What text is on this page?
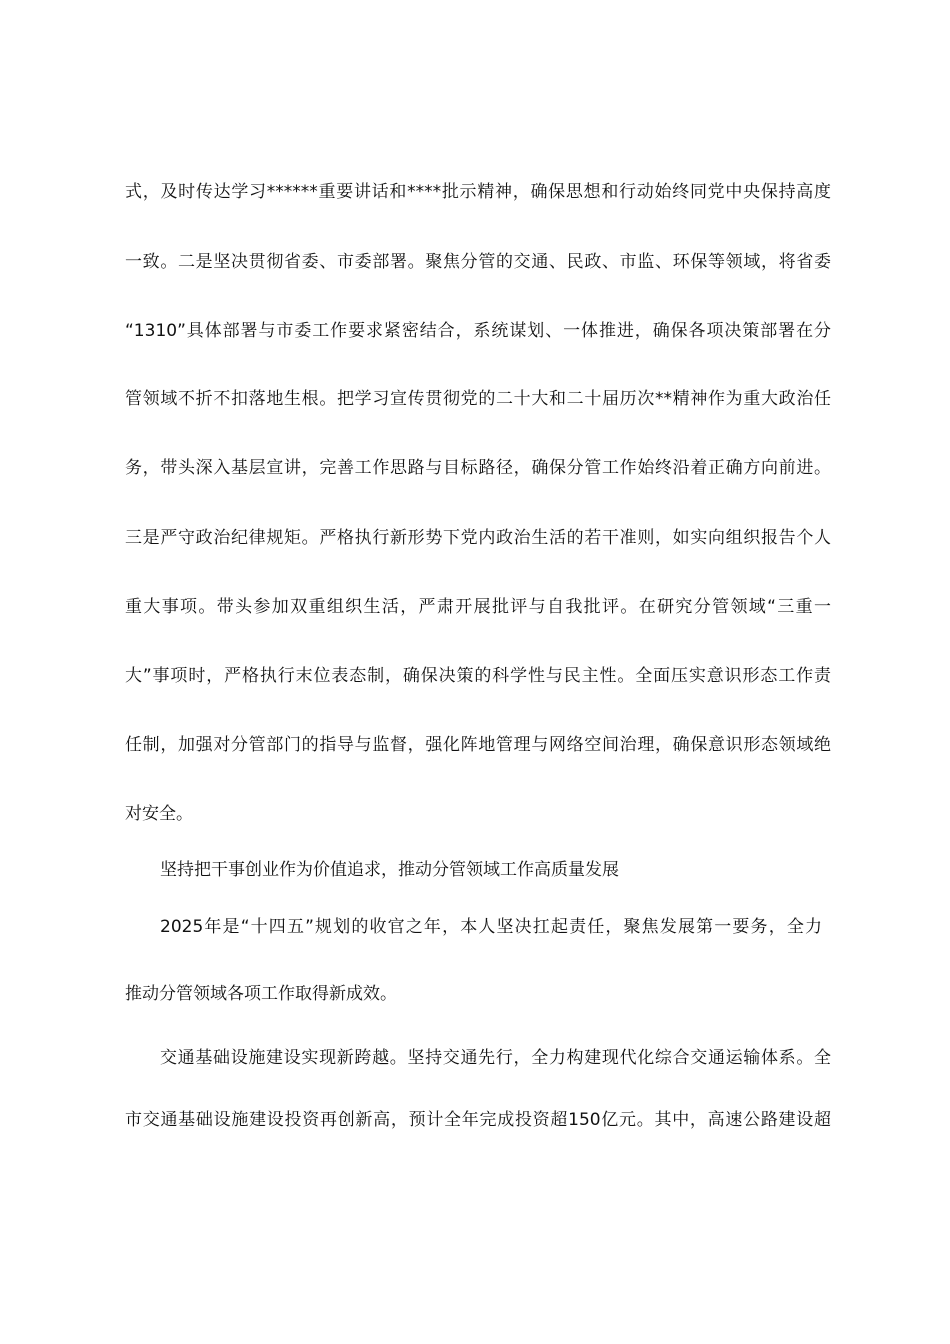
式，及时传达学习******重要讲话和****批示精神，确保思想和行动始终同党中央保持高度
一致。二是坚决贯彻省委、市委部署。聚焦分管的交通、民政、市监、环保等领域，将省委
“1310”具体部署与市委工作要求紧密结合，系统谋划、一体推进，确保各项决策部署在分
管领域不折不扣落地生根。把学习宣传贯彻党的二十大和二十届历次**精神作为重大政治任
务，带头深入基层宣讲，完善工作思路与目标路径，确保分管工作始终沿着正确方向前进。
三是严守政治纪律规矩。严格执行新形势下党内政治生活的若干准则，如实向组织报告个人
重大事项。带头参加双重组织生活，严肃开展批评与自我批评。在研究分管领域“三重一
大”事项时，严格执行末位表态制，确保决策的科学性与民主性。全面压实意识形态工作责
任制，加强对分管部门的指导与监督，强化阵地管理与网络空间治理，确保意识形态领域绝
对安全。
坚持把干事创业作为价值追求，推动分管领域工作高质量发展
2025年是“十四五”规划的收官之年，本人坚决扛起责任，聚焦发展第一要务，全力
推动分管领域各项工作取得新成效。
交通基础设施建设实现新跨越。坚持交通先行，全力构建现代化综合交通运输体系。全
市交通基础设施建设投资再创新高，预计全年完成投资超150亿元。其中，高速公路建设超
